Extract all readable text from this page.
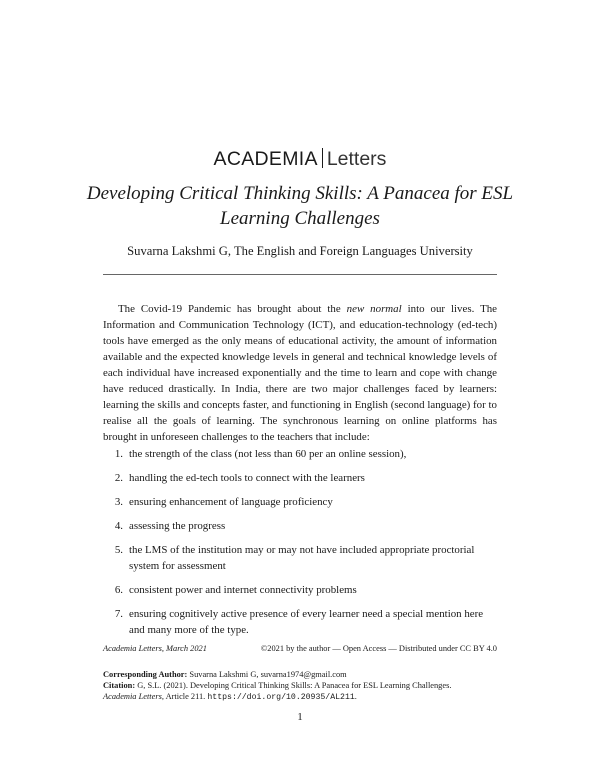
ACADEMIA Letters
Developing Critical Thinking Skills: A Panacea for ESL Learning Challenges
Suvarna Lakshmi G, The English and Foreign Languages University

The Covid-19 Pandemic has brought about the new normal into our lives. The Information and Communication Technology (ICT), and education-technology (ed-tech) tools have emerged as the only means of educational activity, the amount of information available and the expected knowledge levels in general and technical knowledge levels of each individual have increased exponentially and the time to learn and cope with change have reduced drastically. In India, there are two major challenges faced by learners: learning the skills and concepts faster, and functioning in English (second language) for to realise all the goals of learning. The synchronous learning on online platforms has brought in unforeseen challenges to the teachers that include:

1. the strength of the class (not less than 60 per an online session),
2. handling the ed-tech tools to connect with the learners
3. ensuring enhancement of language proficiency
4. assessing the progress
5. the LMS of the institution may or may not have included appropriate proctorial system for assessment
6. consistent power and internet connectivity problems
7. ensuring cognitively active presence of every learner need a special mention here and many more of the type.
Academia Letters, March 2021	©2021 by the author — Open Access — Distributed under CC BY 4.0
Corresponding Author: Suvarna Lakshmi G, suvarna1974@gmail.com
Citation: G, S.L. (2021). Developing Critical Thinking Skills: A Panacea for ESL Learning Challenges.
Academia Letters, Article 211. https://doi.org/10.20935/AL211.
1
